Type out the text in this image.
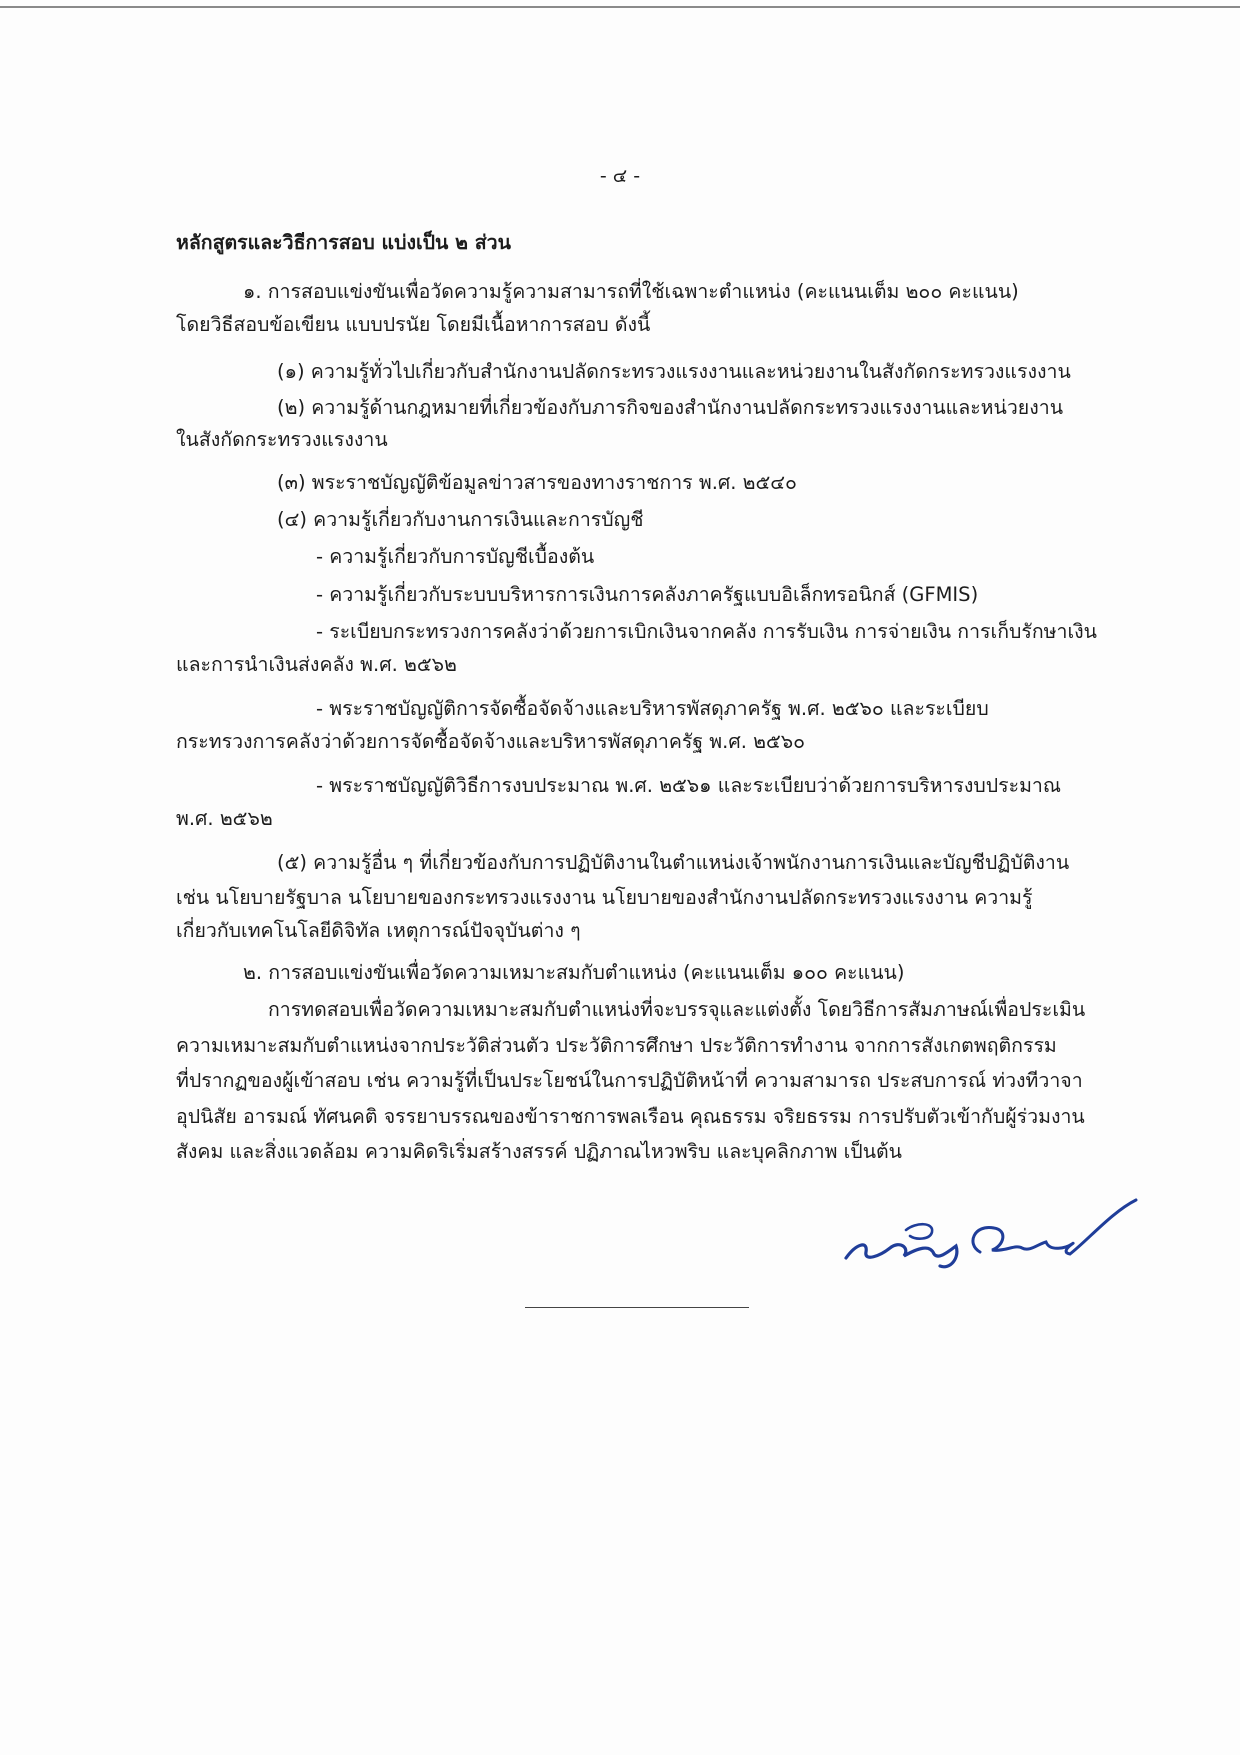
- ๔ -
หลักสูตรและวิธีการสอบ แบ่งเป็น ๒ ส่วน
๑. การสอบแข่งขันเพื่อวัดความรู้ความสามารถที่ใช้เฉพาะตำแหน่ง (คะแนนเต็ม ๒๐๐ คะแนน)
โดยวิธีสอบข้อเขียน แบบปรนัย โดยมีเนื้อหาการสอบ ดังนี้
(๑) ความรู้ทั่วไปเกี่ยวกับสำนักงานปลัดกระทรวงแรงงานและหน่วยงานในสังกัดกระทรวงแรงงาน
(๒) ความรู้ด้านกฎหมายที่เกี่ยวข้องกับภารกิจของสำนักงานปลัดกระทรวงแรงงานและหน่วยงาน
ในสังกัดกระทรวงแรงงาน
(๓) พระราชบัญญัติข้อมูลข่าวสารของทางราชการ พ.ศ. ๒๕๔๐
(๔) ความรู้เกี่ยวกับงานการเงินและการบัญชี
- ความรู้เกี่ยวกับการบัญชีเบื้องต้น
- ความรู้เกี่ยวกับระบบบริหารการเงินการคลังภาครัฐแบบอิเล็กทรอนิกส์ (GFMIS)
- ระเบียบกระทรวงการคลังว่าด้วยการเบิกเงินจากคลัง การรับเงิน การจ่ายเงิน การเก็บรักษาเงิน
และการนำเงินส่งคลัง พ.ศ. ๒๕๖๒
- พระราชบัญญัติการจัดซื้อจัดจ้างและบริหารพัสดุภาครัฐ พ.ศ. ๒๕๖๐ และระเบียบ
กระทรวงการคลังว่าด้วยการจัดซื้อจัดจ้างและบริหารพัสดุภาครัฐ พ.ศ. ๒๕๖๐
- พระราชบัญญัติวิธีการงบประมาณ พ.ศ. ๒๕๖๑ และระเบียบว่าด้วยการบริหารงบประมาณ
พ.ศ. ๒๕๖๒
(๕) ความรู้อื่น ๆ ที่เกี่ยวข้องกับการปฏิบัติงานในตำแหน่งเจ้าพนักงานการเงินและบัญชีปฏิบัติงาน
เช่น นโยบายรัฐบาล นโยบายของกระทรวงแรงงาน นโยบายของสำนักงานปลัดกระทรวงแรงงาน ความรู้
เกี่ยวกับเทคโนโลยีดิจิทัล เหตุการณ์ปัจจุบันต่าง ๆ
๒. การสอบแข่งขันเพื่อวัดความเหมาะสมกับตำแหน่ง (คะแนนเต็ม ๑๐๐ คะแนน)
การทดสอบเพื่อวัดความเหมาะสมกับตำแหน่งที่จะบรรจุและแต่งตั้ง โดยวิธีการสัมภาษณ์เพื่อประเมิน
ความเหมาะสมกับตำแหน่งจากประวัติส่วนตัว ประวัติการศึกษา ประวัติการทำงาน จากการสังเกตพฤติกรรม
ที่ปรากฏของผู้เข้าสอบ เช่น ความรู้ที่เป็นประโยชน์ในการปฏิบัติหน้าที่ ความสามารถ ประสบการณ์ ท่วงทีวาจา
อุปนิสัย อารมณ์ ทัศนคติ จรรยาบรรณของข้าราชการพลเรือน คุณธรรม จริยธรรม การปรับตัวเข้ากับผู้ร่วมงาน
สังคม และสิ่งแวดล้อม ความคิดริเริ่มสร้างสรรค์ ปฏิภาณไหวพริบ และบุคลิกภาพ เป็นต้น
